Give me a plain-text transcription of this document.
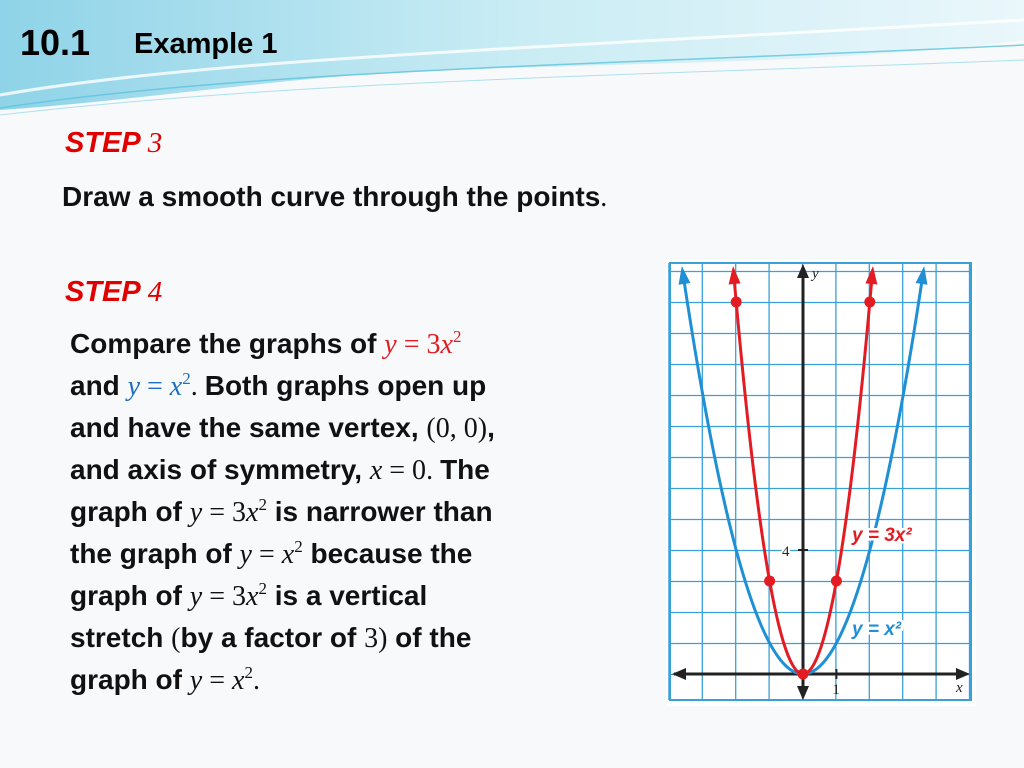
10.1 Example 1
STEP 3
Draw a smooth curve through the points.
STEP 4
Compare the graphs of $y = 3x^2$
and $y = x^2$. Both graphs open up
and have the same vertex, (0, 0),
and axis of symmetry, x = 0. The
graph of $y = 3x^2$ is narrower than
the graph of $y = x^2$ because the
graph of $y = 3x^2$ is a vertical
stretch (by a factor of 3) of the
graph of $y = x^2$.
y
x
1
4
y = 3x²
y = x²
